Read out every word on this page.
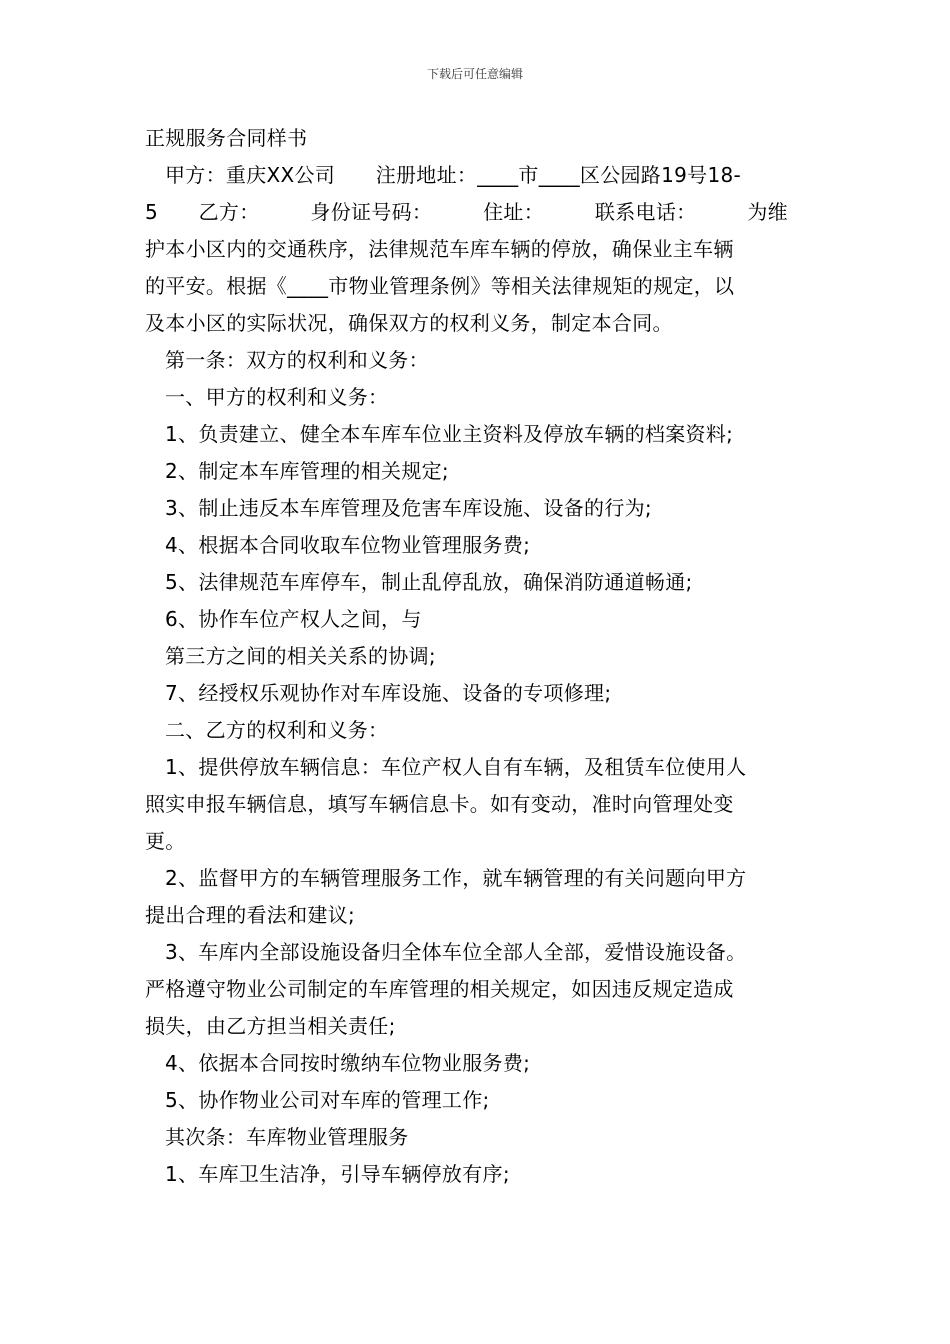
下载后可任意编辑

正规服务合同样书

甲方：重庆XX公司　　注册地址：____市____区公园路19号18-

5　　乙方：　　　身份证号码：　　　住址：　　　联系电话：　　　为维

护本小区内的交通秩序，法律规范车库车辆的停放，确保业主车辆

的平安。根据《____市物业管理条例》等相关法律规矩的规定，以

及本小区的实际状况，确保双方的权利义务，制定本合同。

第一条：双方的权利和义务：

一、甲方的权利和义务：

1、负责建立、健全本车库车位业主资料及停放车辆的档案资料;

2、制定本车库管理的相关规定;

3、制止违反本车库管理及危害车库设施、设备的行为;

4、根据本合同收取车位物业管理服务费;

5、法律规范车库停车，制止乱停乱放，确保消防通道畅通;

6、协作车位产权人之间，与

第三方之间的相关关系的协调;

7、经授权乐观协作对车库设施、设备的专项修理;

二、乙方的权利和义务：

1、提供停放车辆信息：车位产权人自有车辆，及租赁车位使用人

照实申报车辆信息，填写车辆信息卡。如有变动，准时向管理处变

更。

2、监督甲方的车辆管理服务工作，就车辆管理的有关问题向甲方

提出合理的看法和建议;

3、车库内全部设施设备归全体车位全部人全部，爱惜设施设备。

严格遵守物业公司制定的车库管理的相关规定，如因违反规定造成

损失，由乙方担当相关责任;

4、依据本合同按时缴纳车位物业服务费;

5、协作物业公司对车库的管理工作;

其次条：车库物业管理服务

1、车库卫生洁净，引导车辆停放有序;
